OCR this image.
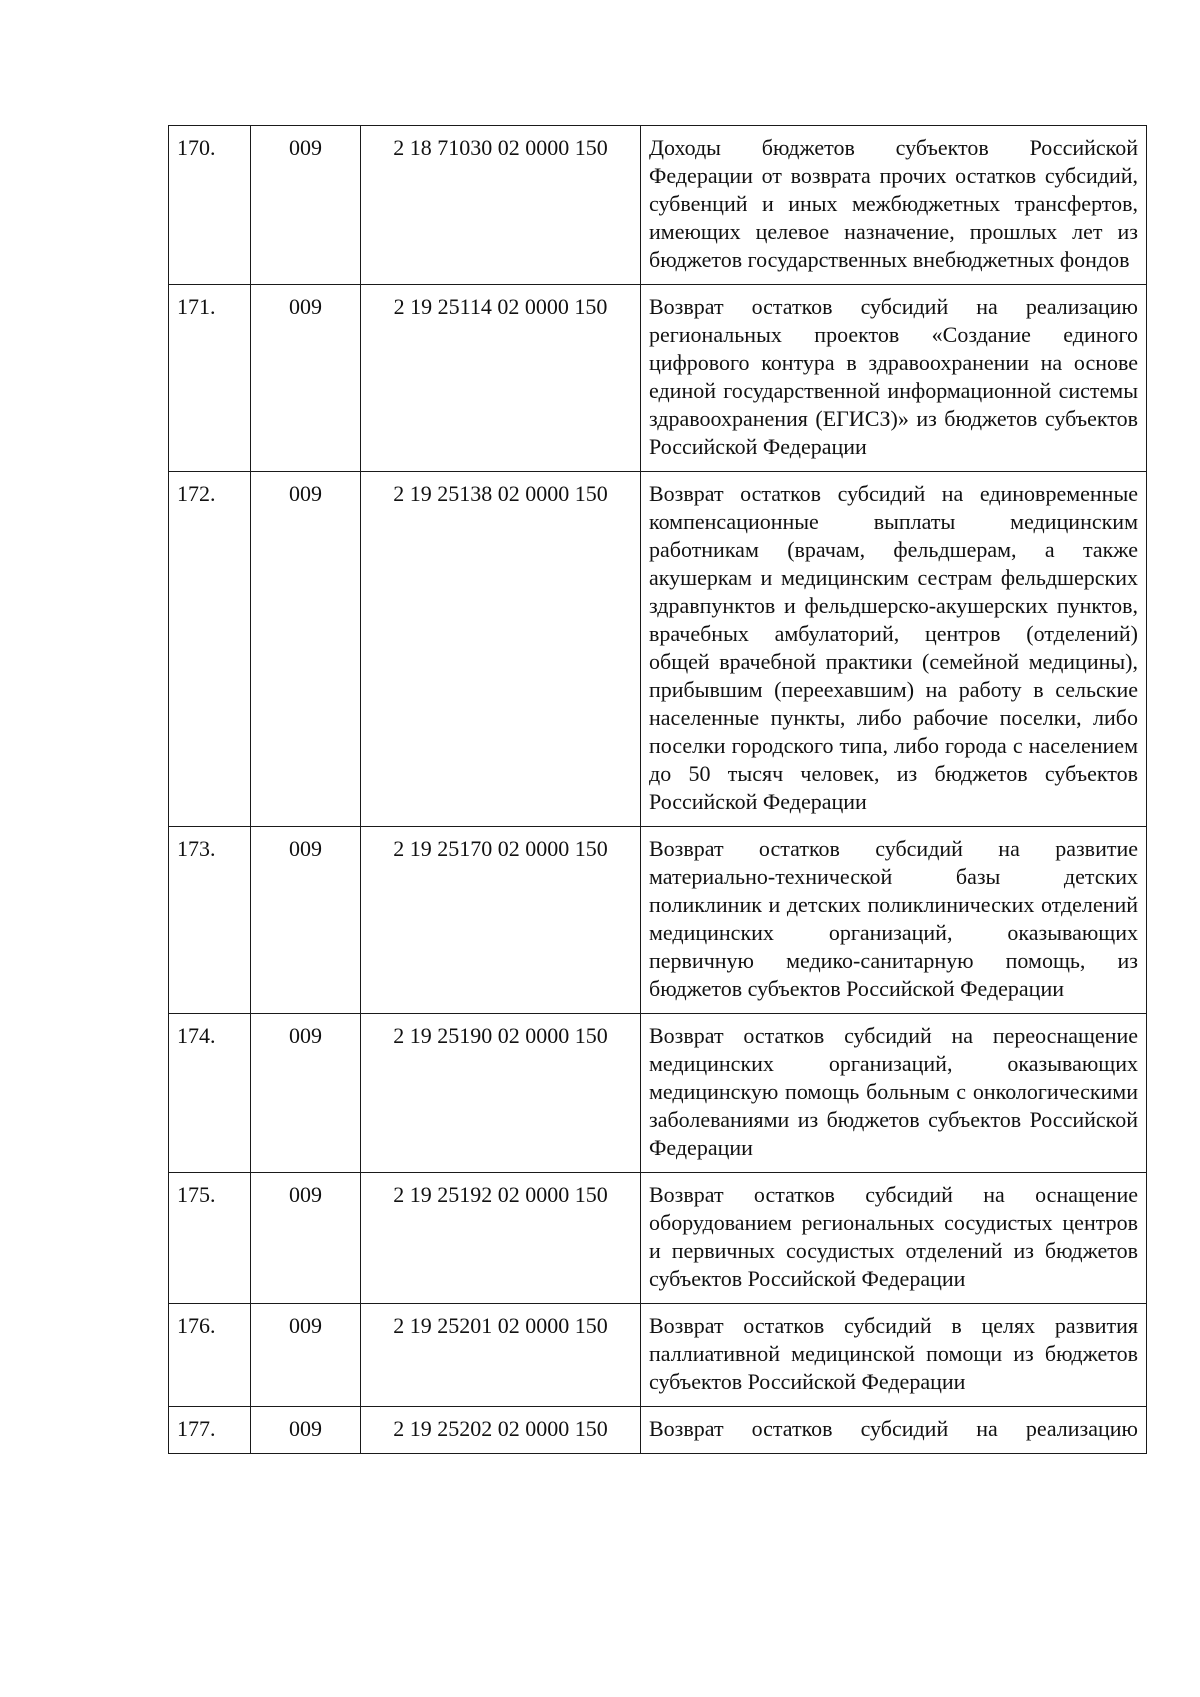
170.	009	2 18 71030 02 0000 150	Доходы бюджетов субъектов Российской Федерации от возврата прочих остатков субсидий, субвенций и иных межбюджетных трансфертов, имеющих целевое назначение, прошлых лет из бюджетов государственных внебюджетных фондов
171.	009	2 19 25114 02 0000 150	Возврат остатков субсидий на реализацию региональных проектов «Создание единого цифрового контура в здравоохранении на основе единой государственной информационной системы здравоохранения (ЕГИСЗ)» из бюджетов субъектов Российской Федерации
172.	009	2 19 25138 02 0000 150	Возврат остатков субсидий на единовременные компенсационные выплаты медицинским работникам (врачам, фельдшерам, а также акушеркам и медицинским сестрам фельдшерских здравпунктов и фельдшерско-акушерских пунктов, врачебных амбулаторий, центров (отделений) общей врачебной практики (семейной медицины), прибывшим (переехавшим) на работу в сельские населенные пункты, либо рабочие поселки, либо поселки городского типа, либо города с населением до 50 тысяч человек, из бюджетов субъектов Российской Федерации
173.	009	2 19 25170 02 0000 150	Возврат остатков субсидий на развитие материально-технической базы детских поликлиник и детских поликлинических отделений медицинских организаций, оказывающих первичную медико-санитарную помощь, из бюджетов субъектов Российской Федерации
174.	009	2 19 25190 02 0000 150	Возврат остатков субсидий на переоснащение медицинских организаций, оказывающих медицинскую помощь больным с онкологическими заболеваниями из бюджетов субъектов Российской Федерации
175.	009	2 19 25192 02 0000 150	Возврат остатков субсидий на оснащение оборудованием региональных сосудистых центров и первичных сосудистых отделений из бюджетов субъектов Российской Федерации
176.	009	2 19 25201 02 0000 150	Возврат остатков субсидий в целях развития паллиативной медицинской помощи из бюджетов субъектов Российской Федерации
177.	009	2 19 25202 02 0000 150	Возврат остатков субсидий на реализацию
